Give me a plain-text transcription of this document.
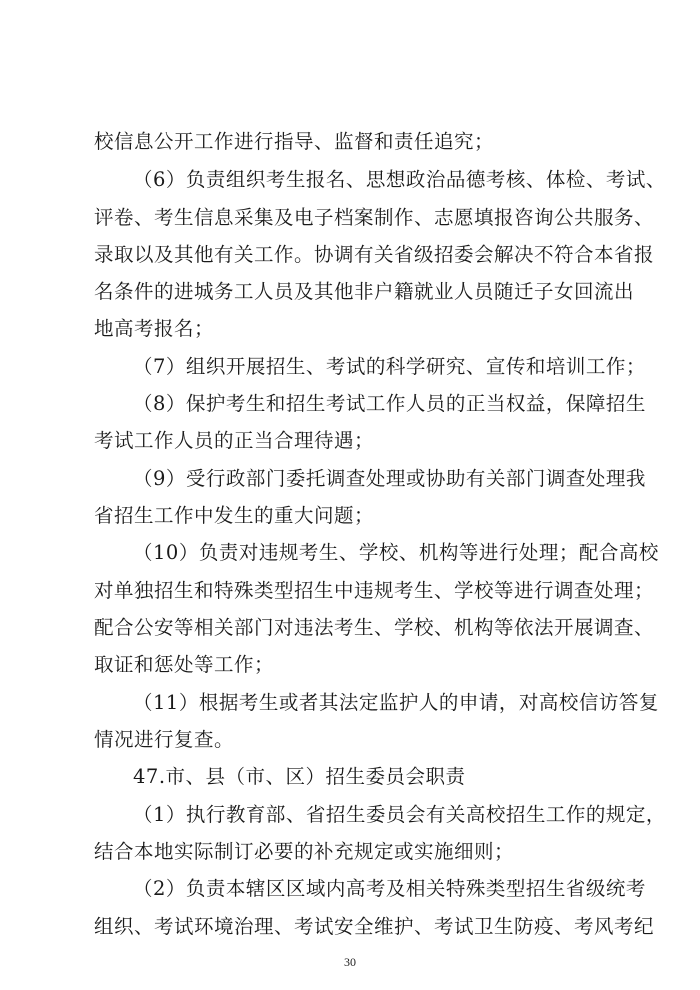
校信息公开工作进行指导、监督和责任追究；
（6）负责组织考生报名、思想政治品德考核、体检、考试、
评卷、考生信息采集及电子档案制作、志愿填报咨询公共服务、
录取以及其他有关工作。协调有关省级招委会解决不符合本省报
名条件的进城务工人员及其他非户籍就业人员随迁子女回流出
地高考报名；
（7）组织开展招生、考试的科学研究、宣传和培训工作；
（8）保护考生和招生考试工作人员的正当权益，保障招生
考试工作人员的正当合理待遇；
（9）受行政部门委托调查处理或协助有关部门调查处理我
省招生工作中发生的重大问题；
（10）负责对违规考生、学校、机构等进行处理；配合高校
对单独招生和特殊类型招生中违规考生、学校等进行调查处理；
配合公安等相关部门对违法考生、学校、机构等依法开展调查、
取证和惩处等工作；
（11）根据考生或者其法定监护人的申请，对高校信访答复
情况进行复查。
47.市、县（市、区）招生委员会职责
（1）执行教育部、省招生委员会有关高校招生工作的规定，
结合本地实际制订必要的补充规定或实施细则；
（2）负责本辖区区域内高考及相关特殊类型招生省级统考
组织、考试环境治理、考试安全维护、考试卫生防疫、考风考纪
30
